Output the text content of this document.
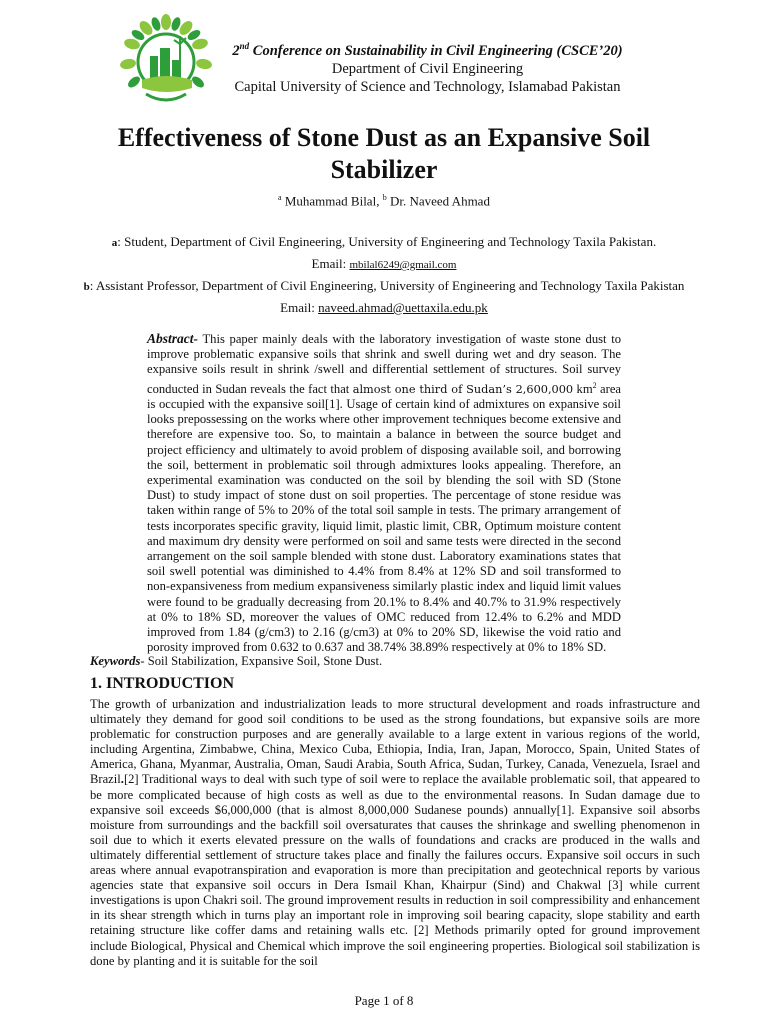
2nd Conference on Sustainability in Civil Engineering (CSCE’20)
Department of Civil Engineering
Capital University of Science and Technology, Islamabad Pakistan
Effectiveness of Stone Dust as an Expansive Soil
Stabilizer
$^a$ Muhammad Bilal, $^b$ Dr. Naveed Ahmad
a: Student, Department of Civil Engineering, University of Engineering and Technology Taxila Pakistan.
Email: mbilal6249@gmail.com
b: Assistant Professor, Department of Civil Engineering, University of Engineering and Technology Taxila Pakistan
Email: naveed.ahmad@uettaxila.edu.pk
Abstract- This paper mainly deals with the laboratory investigation of waste stone dust to improve problematic expansive soils that shrink and swell during wet and dry season. The expansive soils result in shrink /swell and differential settlement of structures. Soil survey conducted in Sudan reveals the fact that almost one third of Sudan’s 2,600,000 $km^2$ area is occupied with the expansive soil[1]. Usage of certain kind of admixtures on expansive soil looks prepossessing on the works where other improvement techniques become extensive and therefore are expensive too. So, to maintain a balance in between the source budget and project efficiency and ultimately to avoid problem of disposing available soil, and borrowing the soil, betterment in problematic soil through admixtures looks appealing. Therefore, an experimental examination was conducted on the soil by blending the soil with SD (Stone Dust) to study impact of stone dust on soil properties. The percentage of stone residue was taken within range of 5% to 20% of the total soil sample in tests. The primary arrangement of tests incorporates specific gravity, liquid limit, plastic limit, CBR, Optimum moisture content and maximum dry density were performed on soil and same tests were directed in the second arrangement on the soil sample blended with stone dust. Laboratory examinations states that soil swell potential was diminished to 4.4% from 8.4% at 12% SD and soil transformed to non-expansiveness from medium expansiveness similarly plastic index and liquid limit values were found to be gradually decreasing from 20.1% to 8.4% and 40.7% to 31.9% respectively at 0% to 18% SD, moreover the values of OMC reduced from 12.4% to 6.2% and MDD improved from 1.84 (g/cm3) to 2.16 (g/cm3) at 0% to 20% SD, likewise the void ratio and porosity improved from 0.632 to 0.637 and 38.74% 38.89% respectively at 0% to 18% SD.
Keywords- Soil Stabilization, Expansive Soil, Stone Dust.
1. INTRODUCTION
The growth of urbanization and industrialization leads to more structural development and roads infrastructure and ultimately they demand for good soil conditions to be used as the strong foundations, but expansive soils are more problematic for construction purposes and are generally available to a large extent in various regions of the world, including Argentina, Zimbabwe, China, Mexico Cuba, Ethiopia, India, Iran, Japan, Morocco, Spain, United States of America, Ghana, Myanmar, Australia, Oman, Saudi Arabia, South Africa, Sudan, Turkey, Canada, Venezuela, Israel and Brazil.[2] Traditional ways to deal with such type of soil were to replace the available problematic soil, that appeared to be more complicated because of high costs as well as due to the environmental reasons. In Sudan damage due to expansive soil exceeds $6,000,000 (that is almost 8,000,000 Sudanese pounds) annually[1]. Expansive soil absorbs moisture from surroundings and the backfill soil oversaturates that causes the shrinkage and swelling phenomenon in soil due to which it exerts elevated pressure on the walls of foundations and cracks are produced in the walls and ultimately differential settlement of structure takes place and finally the failures occurs. Expansive soil occurs in such areas where annual evapotranspiration and evaporation is more than precipitation and geotechnical reports by various agencies state that expansive soil occurs in Dera Ismail Khan, Khairpur (Sind) and Chakwal [3] while current investigations is upon Chakri soil. The ground improvement results in reduction in soil compressibility and enhancement in its shear strength which in turns play an important role in improving soil bearing capacity, slope stability and earth retaining structure like coffer dams and retaining walls etc. [2] Methods primarily opted for ground improvement include Biological, Physical and Chemical which improve the soil engineering properties. Biological soil stabilization is done by planting and it is suitable for the soil
Page 1 of 8
